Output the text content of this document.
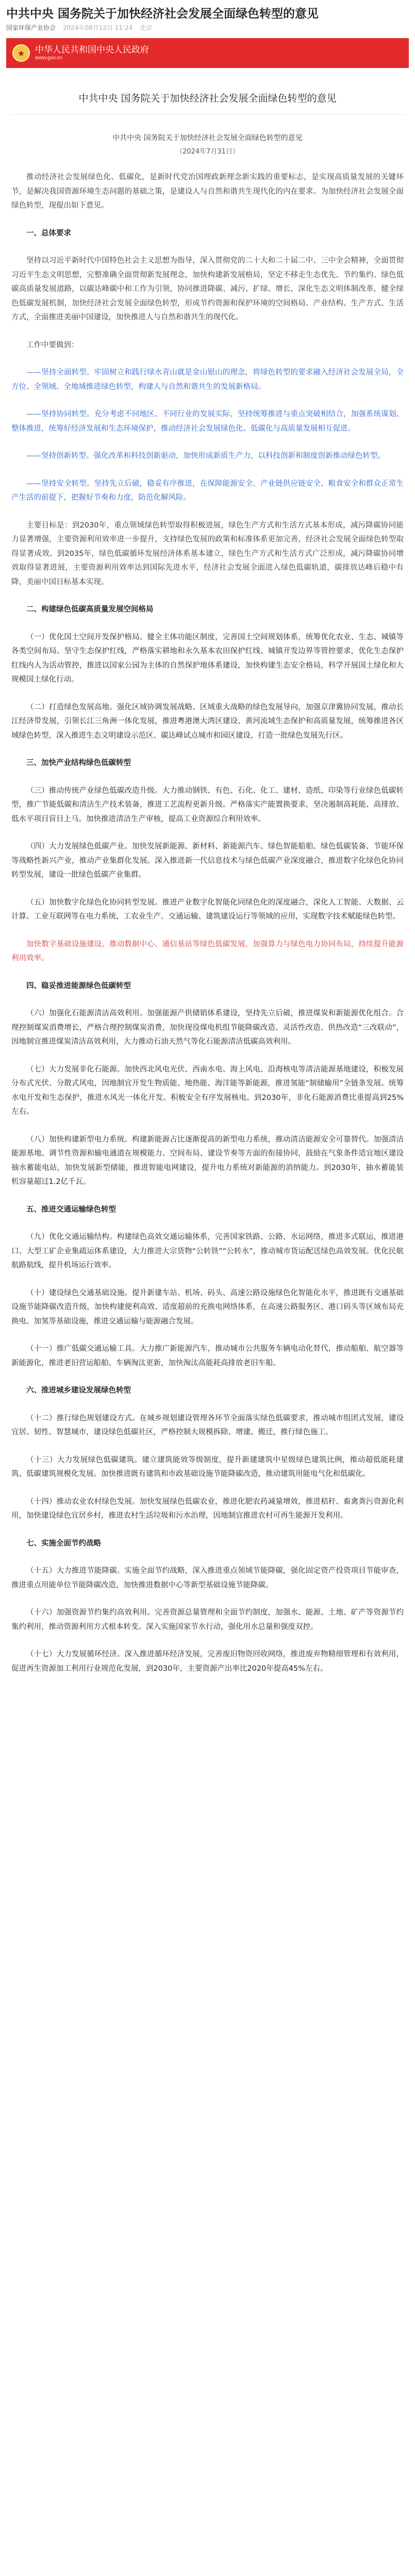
中共中央 国务院关于加快经济社会发展全面绿色转型的意见
国家环保产业协会 2024年08月12日 11:24 北京
★	中华人民共和国中央人民政府
www.gov.cn
中共中央 国务院关于加快经济社会发展全面绿色转型的意见
中共中央 国务院关于加快经济社会发展全面绿色转型的意见
（2024年7月31日）

推动经济社会发展绿色化、低碳化，是新时代党治国理政新理念新实践的重要标志，是实现高质量发展的关键环节，是解决我国资源环境生态问题的基础之策，是建设人与自然和谐共生现代化的内在要求。为加快经济社会发展全面绿色转型，现提出如下意见。

一、总体要求

坚持以习近平新时代中国特色社会主义思想为指导，深入贯彻党的二十大和二十届二中、三中全会精神，全面贯彻习近平生态文明思想，完整准确全面贯彻新发展理念，加快构建新发展格局，坚定不移走生态优先、节约集约、绿色低碳高质量发展道路，以碳达峰碳中和工作为引领，协同推进降碳、减污、扩绿、增长，深化生态文明体制改革，健全绿色低碳发展机制，加快经济社会发展全面绿色转型，形成节约资源和保护环境的空间格局、产业结构、生产方式、生活方式，全面推进美丽中国建设，加快推进人与自然和谐共生的现代化。

工作中要做到：

——坚持全面转型。牢固树立和践行绿水青山就是金山银山的理念，将绿色转型的要求融入经济社会发展全局，全方位、全领域、全地域推进绿色转型，构建人与自然和谐共生的发展新格局。

——坚持协同转型。充分考虑不同地区、不同行业的发展实际，坚持统筹推进与重点突破相结合，加强系统谋划、整体推进，统筹好经济发展和生态环境保护，推动经济社会发展绿色化、低碳化与高质量发展相互促进。

——坚持创新转型。强化改革和科技创新驱动，加快形成新质生产力，以科技创新和制度创新推动绿色转型。

——坚持安全转型。坚持先立后破，稳妥有序推进，在保障能源安全、产业链供应链安全、粮食安全和群众正常生产生活的前提下，把握好节奏和力度，防范化解风险。

主要目标是：到2030年，重点领域绿色转型取得积极进展，绿色生产方式和生活方式基本形成，减污降碳协同能力显著增强，主要资源利用效率进一步提升，支持绿色发展的政策和标准体系更加完善，经济社会发展全面绿色转型取得显著成效。到2035年，绿色低碳循环发展经济体系基本建立，绿色生产方式和生活方式广泛形成，减污降碳协同增效取得显著进展，主要资源利用效率达到国际先进水平，经济社会发展全面进入绿色低碳轨道，碳排放达峰后稳中有降，美丽中国目标基本实现。

二、构建绿色低碳高质量发展空间格局

（一）优化国土空间开发保护格局。健全主体功能区制度，完善国土空间规划体系，统筹优化农业、生态、城镇等各类空间布局。坚守生态保护红线，严格落实耕地和永久基本农田保护红线、城镇开发边界等管控要求，优化生态保护红线内人为活动管控，推进以国家公园为主体的自然保护地体系建设，加快构建生态安全格局，科学开展国土绿化和大规模国土绿化行动。

（二）打造绿色发展高地。强化区域协调发展战略、区域重大战略的绿色发展导向，加强京津冀协同发展，推动长江经济带发展，引领长江三角洲一体化发展，推进粤港澳大湾区建设、黄河流域生态保护和高质量发展，统筹推进各区域绿色转型，深入推进生态文明建设示范区、碳达峰试点城市和园区建设，打造一批绿色发展先行区。

三、加快产业结构绿色低碳转型

（三）推动传统产业绿色低碳改造升级。大力推动钢铁、有色、石化、化工、建材、造纸、印染等行业绿色低碳转型，推广节能低碳和清洁生产技术装备，推进工艺流程更新升级。严格落实产能置换要求，坚决遏制高耗能、高排放、低水平项目盲目上马。加快推进清洁生产审核，提高工业资源综合利用效率。

（四）大力发展绿色低碳产业。加快发展新能源、新材料、新能源汽车、绿色智能船舶、绿色低碳装备、节能环保等战略性新兴产业，推动产业集群化发展。深入推进新一代信息技术与绿色低碳产业深度融合，推进数字化绿色化协同转型发展，建设一批绿色低碳产业集群。

（五）加快数字化绿色化协同转型发展。推进产业数字化智能化同绿色化的深度融合，深化人工智能、大数据、云计算、工业互联网等在电力系统、工农业生产、交通运输、建筑建设运行等领域的应用，实现数字技术赋能绿色转型。

加快数字基础设施建设，推动数据中心、通信基站等绿色低碳发展，加强算力与绿色电力协同布局，持续提升能源利用效率。

四、稳妥推进能源绿色低碳转型

（六）加强化石能源清洁高效利用。加强能源产供储销体系建设，坚持先立后破，推进煤炭和新能源优化组合。合理控制煤炭消费增长，严格合理控制煤炭消费，加快现役煤电机组节能降碳改造、灵活性改造、供热改造“三改联动”，因地制宜推进煤炭清洁高效利用，大力推动石油天然气等化石能源清洁低碳高效利用。

（七）大力发展非化石能源。加快西北风电光伏、西南水电、海上风电、沿海核电等清洁能源基地建设，积极发展分布式光伏、分散式风电，因地制宜开发生物质能、地热能、海洋能等新能源，推进氢能“制储输用”全链条发展。统筹水电开发和生态保护，推进水风光一体化开发。积极安全有序发展核电。到2030年，非化石能源消费比重提高到25%左右。

（八）加快构建新型电力系统。构建新能源占比逐渐提高的新型电力系统，推动清洁能源安全可靠替代。加强清洁能源基地、调节性资源和输电通道在规模能力、空间布局、建设节奏等方面的衔接协同，鼓励在气象条件适宜地区建设抽水蓄能电站，加快发展新型储能，推进智能电网建设，提升电力系统对新能源的消纳能力。到2030年，抽水蓄能装机容量超过1.2亿千瓦。

五、推进交通运输绿色转型

（九）优化交通运输结构。构建绿色高效交通运输体系，完善国家铁路、公路、水运网络，推进多式联运，推进港口、大型工矿企业集疏运体系建设，大力推进大宗货物“公转铁”“公转水”，推动城市货运配送绿色高效发展。优化民航航路航线，提升机场运行效率。

（十）建设绿色交通基础设施。提升新建车站、机场、码头、高速公路设施绿色化智能化水平，推进既有交通基础设施节能降碳改造升级，加快构建便利高效、适度超前的充换电网络体系，在高速公路服务区、港口码头等区域布局充换电、加氢等基础设施，推进交通运输与能源融合发展。

（十一）推广低碳交通运输工具。大力推广新能源汽车，推动城市公共服务车辆电动化替代，推动船舶、航空器等新能源化，推进老旧营运船舶、车辆淘汰更新，加快淘汰高能耗高排放老旧车船。

六、推进城乡建设发展绿色转型

（十二）推行绿色规划建设方式。在城乡规划建设管理各环节全面落实绿色低碳要求，推动城市组团式发展，建设宜居、韧性、智慧城市，建设绿色低碳社区，严格控制大规模拆除、增建、搬迁，推行绿色施工。

（十三）大力发展绿色低碳建筑。建立建筑能效等级制度，提升新建建筑中星级绿色建筑比例，推动超低能耗建筑、低碳建筑规模化发展。加快推进既有建筑和市政基础设施节能降碳改造，推动建筑用能电气化和低碳化。

（十四）推动农业农村绿色发展。加快发展绿色低碳农业，推进化肥农药减量增效，推进秸秆、畜禽粪污资源化利用，加快建设绿色宜居乡村，推进农村生活垃圾和污水治理，因地制宜推进农村可再生能源开发利用。

七、实施全面节约战略

（十五）大力推进节能降碳。实施全面节约战略，深入推进重点领域节能降碳，强化固定资产投资项目节能审查，推进重点用能单位节能降碳改造，加快推进数据中心等新型基础设施节能降碳。

（十六）加强资源节约集约高效利用。完善资源总量管理和全面节约制度，加强水、能源、土地、矿产等资源节约集约利用，推动资源利用方式根本转变。深入实施国家节水行动，强化用水总量和强度双控。

（十七）大力发展循环经济。深入推进循环经济发展，完善废旧物资回收网络，推进废弃物精细管理和有效利用，促进再生资源加工利用行业规范化发展，到2030年，主要资源产出率比2020年提高45%左右。
